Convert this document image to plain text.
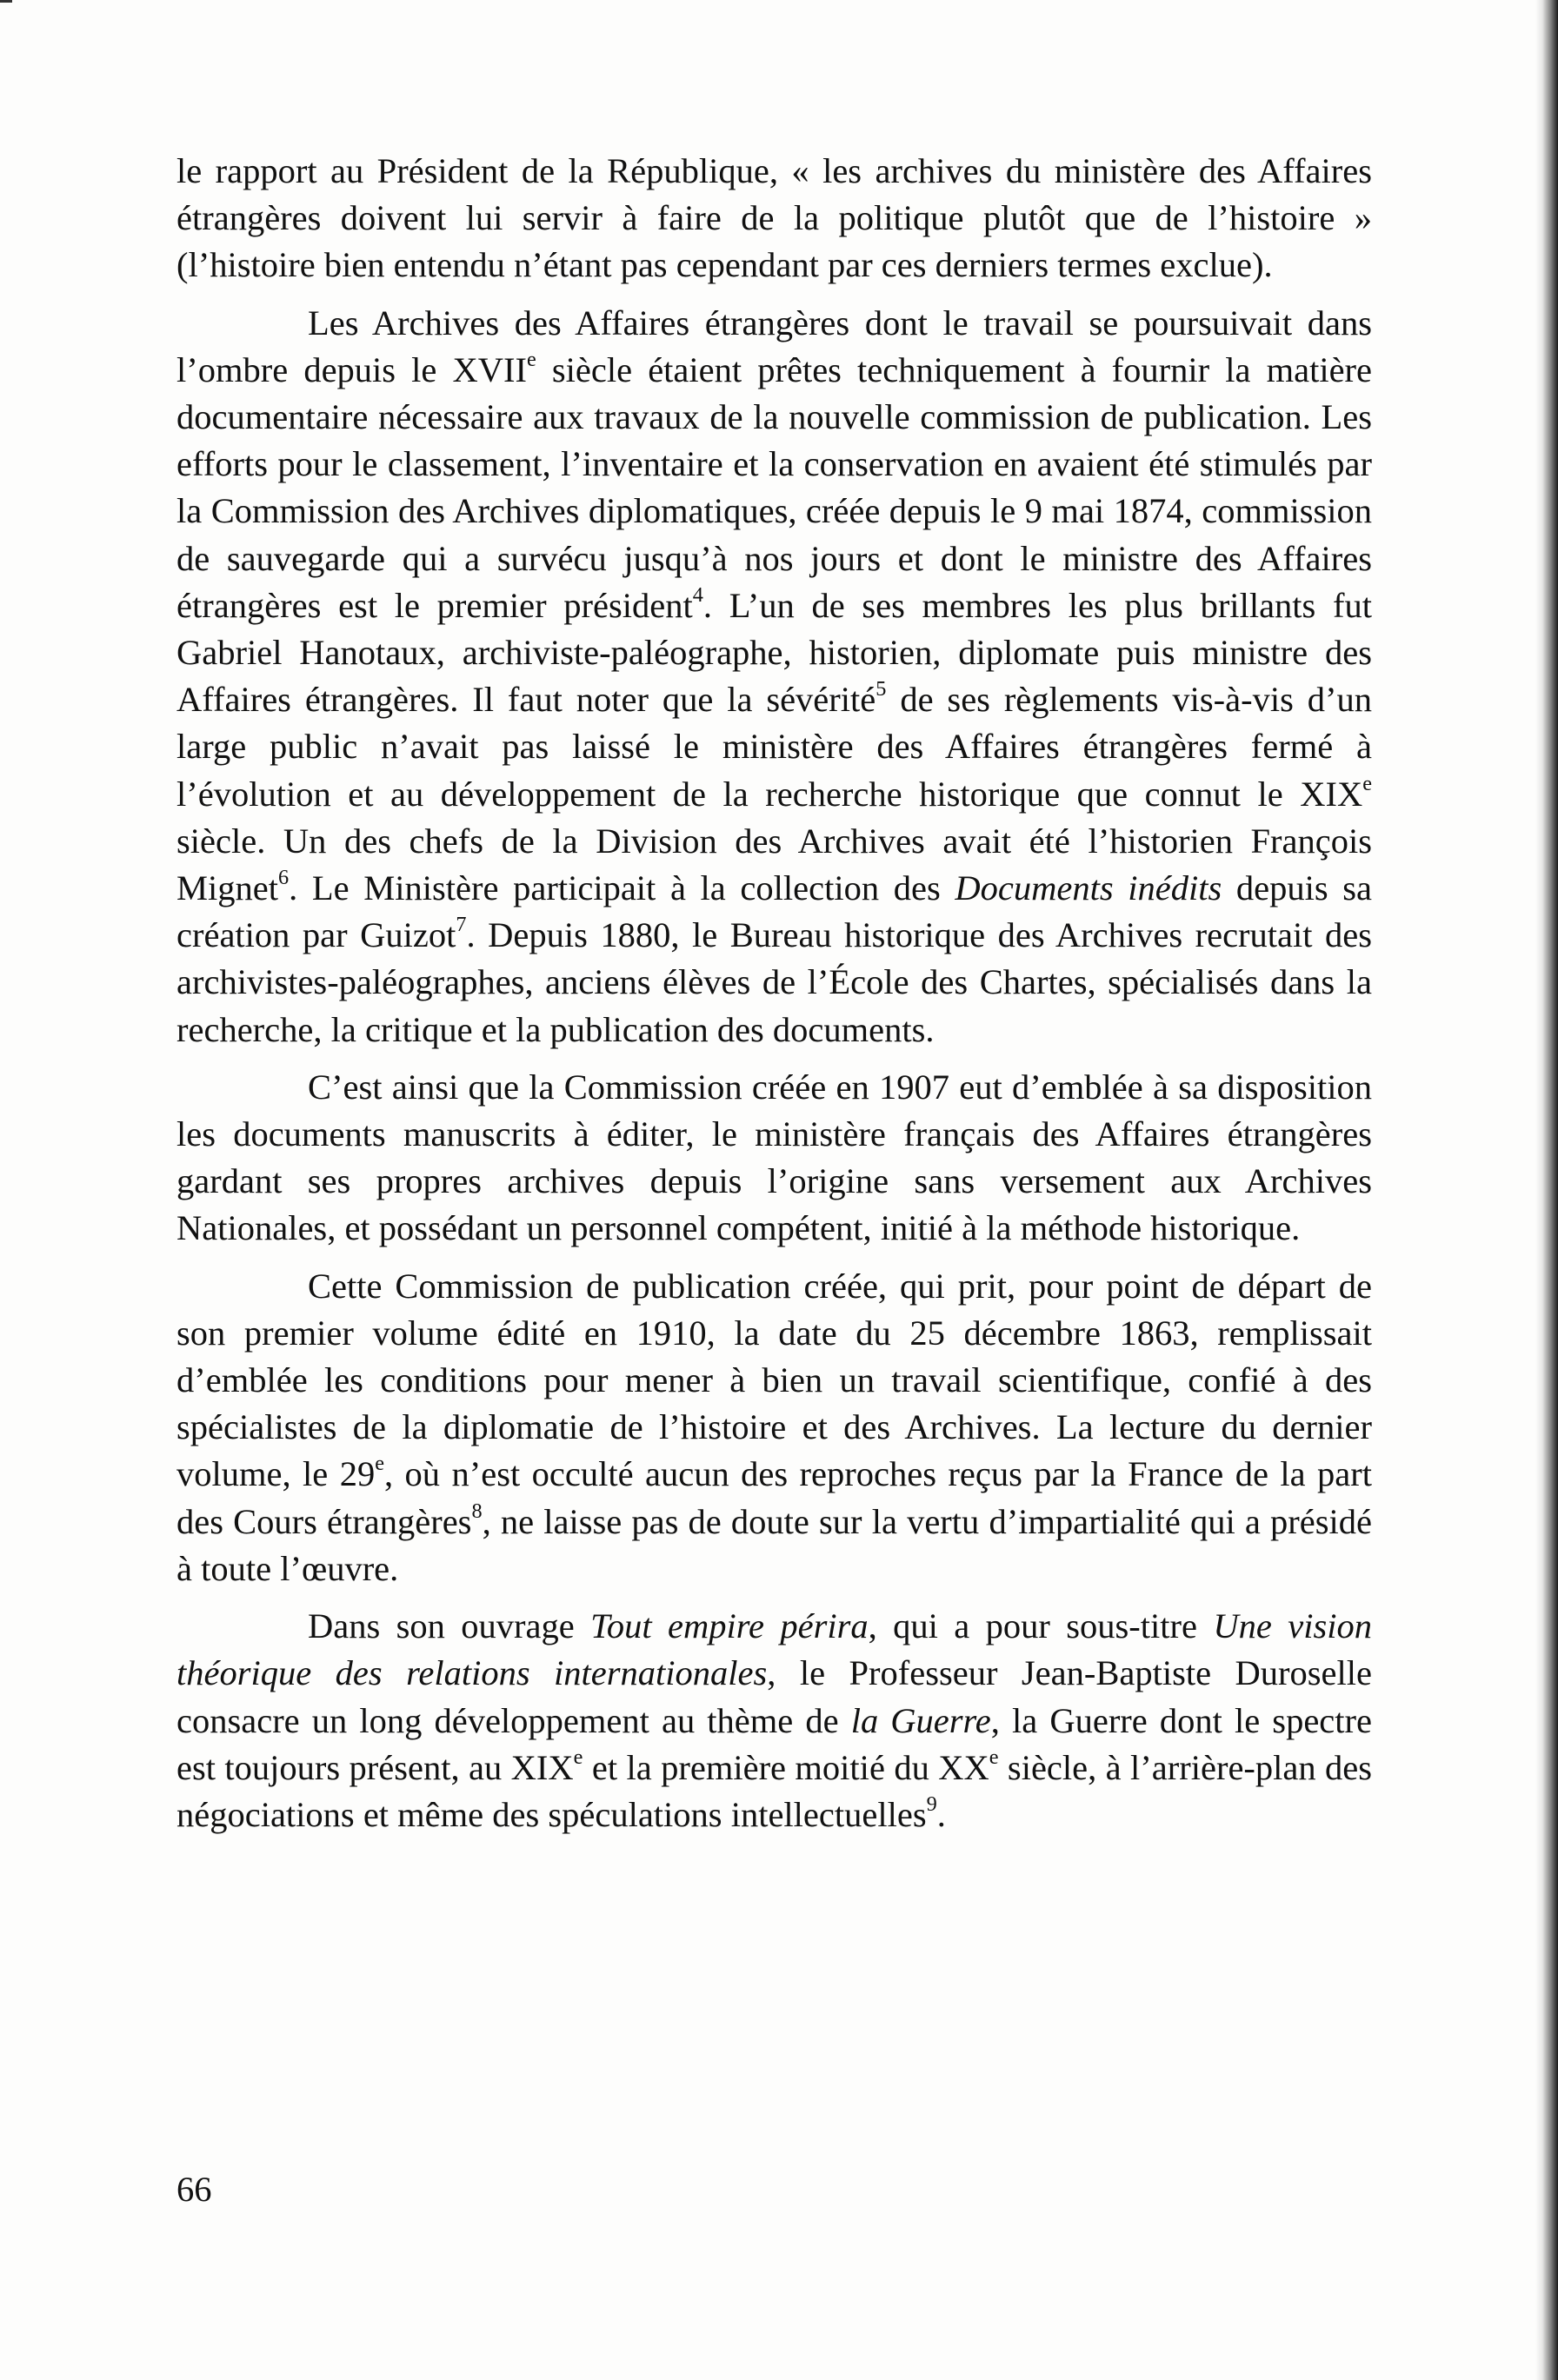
le rapport au Président de la République, « les archives du ministère des Affaires étrangères doivent lui servir à faire de la politique plutôt que de l’histoire » (l’histoire bien entendu n’étant pas cependant par ces derniers termes exclue).

Les Archives des Affaires étrangères dont le travail se poursuivait dans l’ombre depuis le XVIIe siècle étaient prêtes techniquement à fournir la matière documentaire nécessaire aux travaux de la nouvelle commission de publication. Les efforts pour le classement, l’inventaire et la conservation en avaient été stimulés par la Commission des Archives diplomatiques, créée depuis le 9 mai 1874, commission de sauvegarde qui a survécu jusqu’à nos jours et dont le ministre des Affaires étrangères est le premier président$^4$. L’un de ses membres les plus brillants fut Gabriel Hanotaux, archiviste-paléographe, historien, diplomate puis ministre des Affaires étrangères. Il faut noter que la sévérité$^5$ de ses règlements vis-à-vis d’un large public n’avait pas laissé le ministère des Affaires étrangères fermé à l’évolution et au développement de la recherche historique que connut le XIXe siècle. Un des chefs de la Division des Archives avait été l’historien François Mignet$^6$. Le Ministère participait à la collection des Documents inédits depuis sa création par Guizot$^7$. Depuis 1880, le Bureau historique des Archives recrutait des archivistes-paléographes, anciens élèves de l’École des Chartes, spécialisés dans la recherche, la critique et la publication des documents.

C’est ainsi que la Commission créée en 1907 eut d’emblée à sa disposition les documents manuscrits à éditer, le ministère français des Affaires étrangères gardant ses propres archives depuis l’origine sans versement aux Archives Nationales, et possédant un personnel compétent, initié à la méthode historique.

Cette Commission de publication créée, qui prit, pour point de départ de son premier volume édité en 1910, la date du 25 décembre 1863, remplissait d’emblée les conditions pour mener à bien un travail scientifique, confié à des spécialistes de la diplomatie de l’histoire et des Archives. La lecture du dernier volume, le 29e, où n’est occulté aucun des reproches reçus par la France de la part des Cours étrangères$^8$, ne laisse pas de doute sur la vertu d’impartialité qui a présidé à toute l’œuvre.

Dans son ouvrage Tout empire périra, qui a pour sous-titre Une vision théorique des relations internationales, le Professeur Jean-Baptiste Duroselle consacre un long développement au thème de la Guerre, la Guerre dont le spectre est toujours présent, au XIXe et la première moitié du XXe siècle, à l’arrière-plan des négociations et même des spéculations intellectuelles$^9$.

66
